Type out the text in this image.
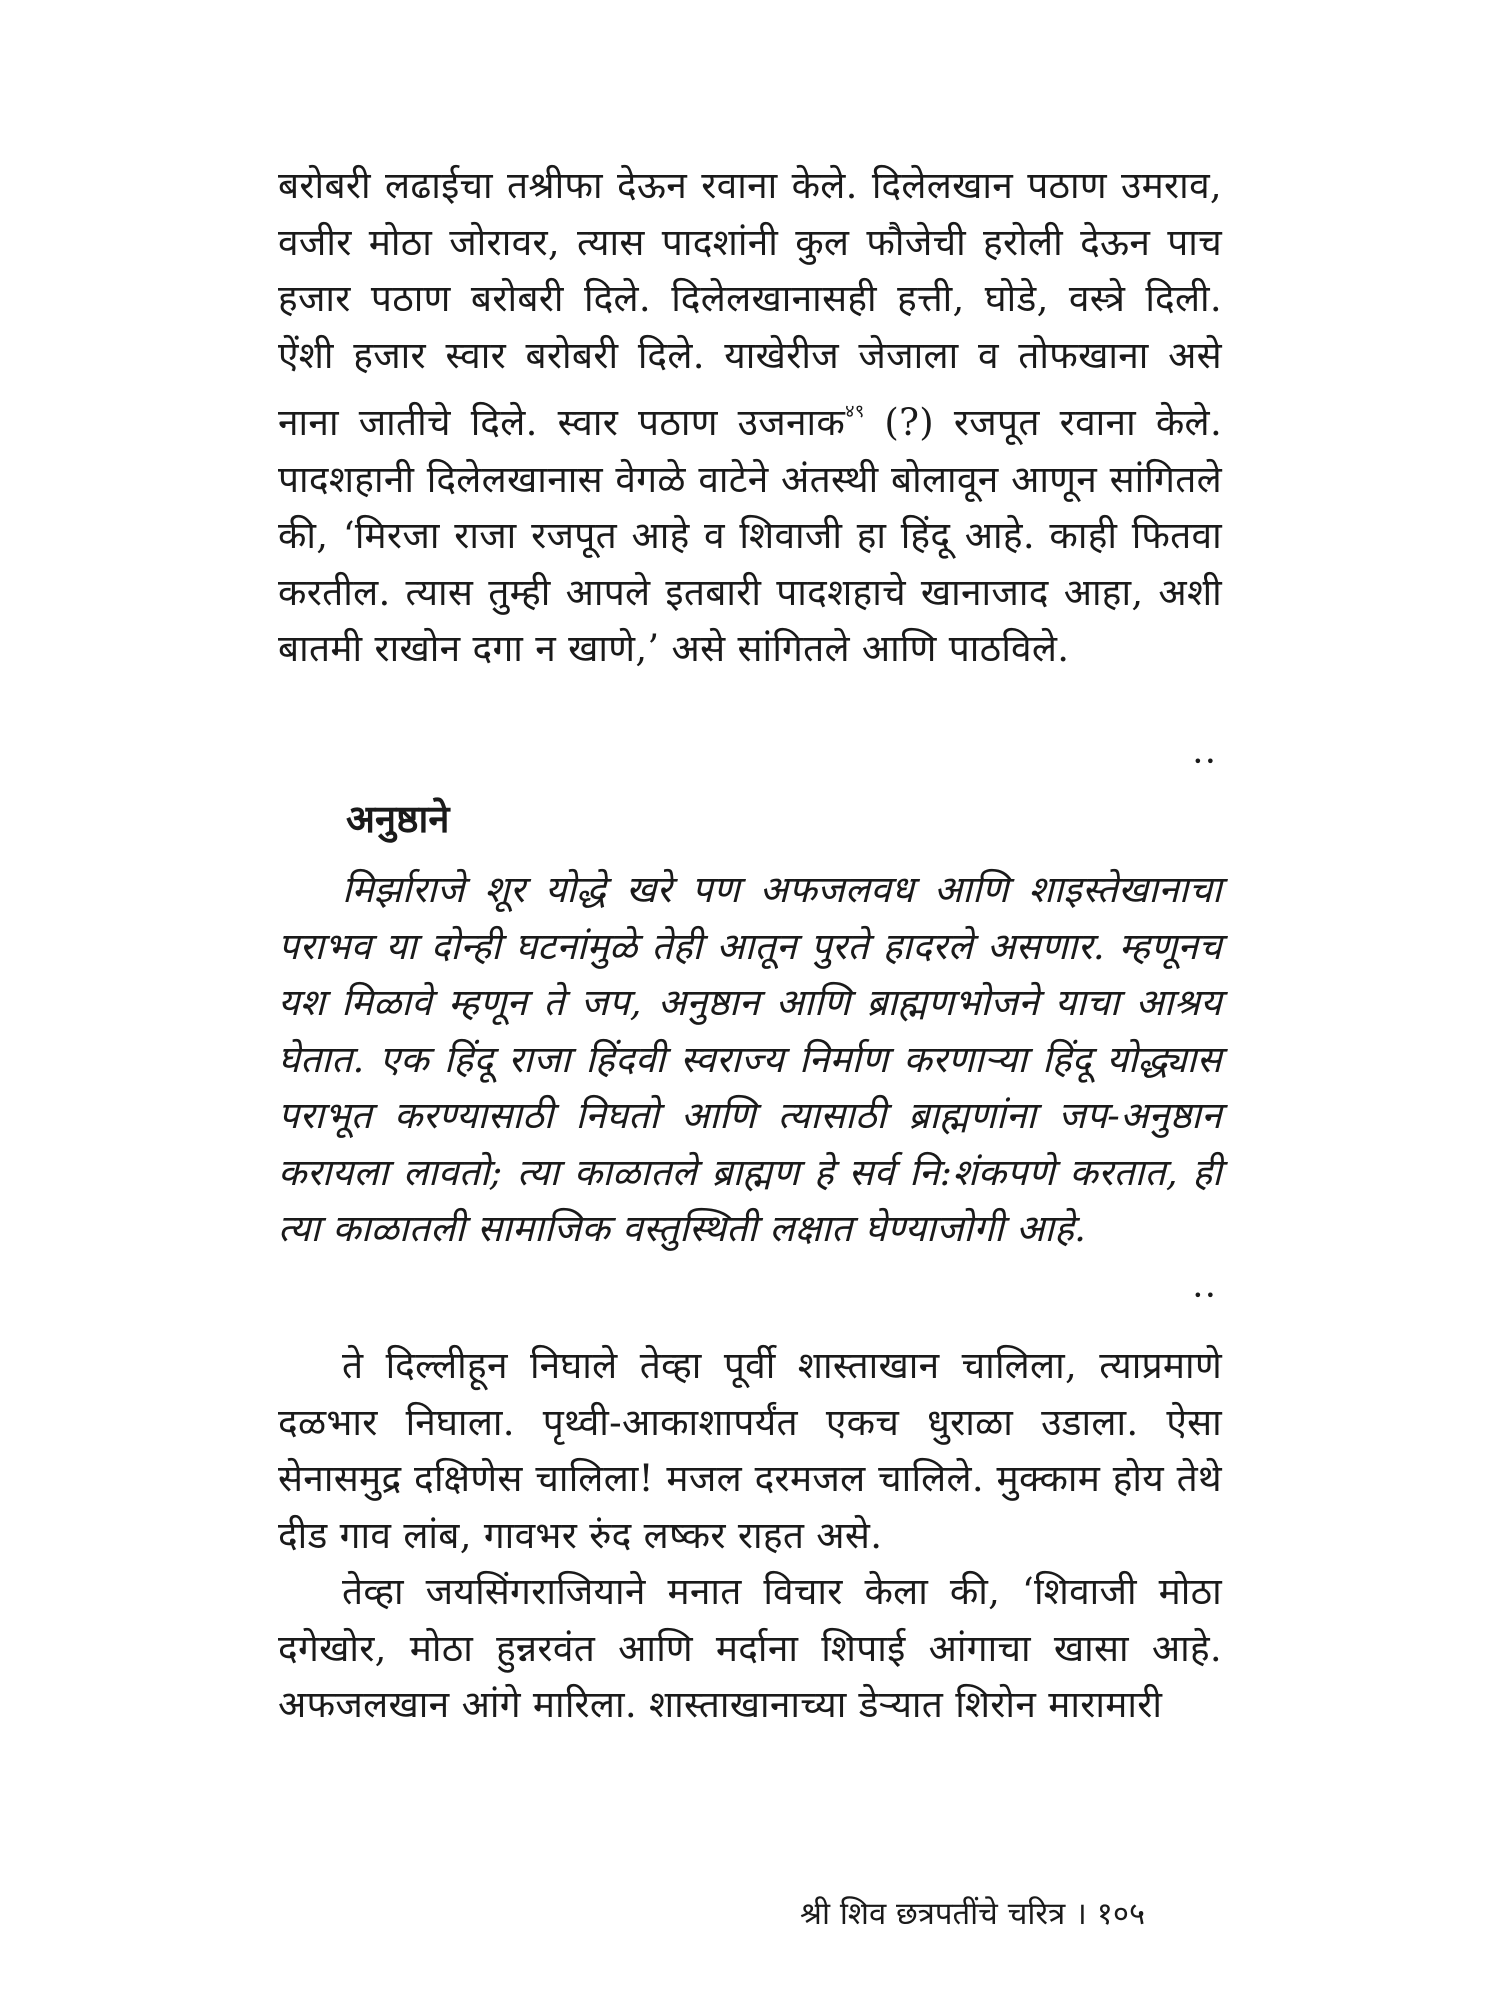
बरोबरी लढाईचा तश्रीफा देऊन रवाना केले. दिलेलखान पठाण उमराव, वजीर मोठा जोरावर, त्यास पादशांनी कुल फौजेची हरोली देऊन पाच हजार पठाण बरोबरी दिले. दिलेलखानासही हत्ती, घोडे, वस्त्रे दिली. ऐंशी हजार स्वार बरोबरी दिले. याखेरीज जेजाला व तोफखाना असे नाना जातीचे दिले. स्वार पठाण उजनाक$^{४९}$ (?) रजपूत रवाना केले. पादशहानी दिलेलखानास वेगळे वाटेने अंतस्थी बोलावून आणून सांगितले की, ‘मिरजा राजा रजपूत आहे व शिवाजी हा हिंदू आहे. काही फितवा करतील. त्यास तुम्ही आपले इतबारी पादशहाचे खानाजाद आहा, अशी बातमी राखोन दगा न खाणे,’ असे सांगितले आणि पाठविले.

••
अनुष्ठाने

मिर्झाराजे शूर योद्धे खरे पण अफजलवध आणि शाइस्तेखानाचा पराभव या दोन्ही घटनांमुळे तेही आतून पुरते हादरले असणार. म्हणूनच यश मिळावे म्हणून ते जप, अनुष्ठान आणि ब्राह्मणभोजने याचा आश्रय घेतात. एक हिंदू राजा हिंदवी स्वराज्य निर्माण करणाऱ्या हिंदू योद्ध्यास पराभूत करण्यासाठी निघतो आणि त्यासाठी ब्राह्मणांना जप-अनुष्ठान करायला लावतो; त्या काळातले ब्राह्मण हे सर्व नि:शंकपणे करतात, ही त्या काळातली सामाजिक वस्तुस्थिती लक्षात घेण्याजोगी आहे.

••

ते दिल्लीहून निघाले तेव्हा पूर्वी शास्ताखान चालिला, त्याप्रमाणे दळभार निघाला. पृथ्वी-आकाशापर्यंत एकच धुराळा उडाला. ऐसा सेनासमुद्र दक्षिणेस चालिला! मजल दरमजल चालिले. मुक्काम होय तेथे दीड गाव लांब, गावभर रुंद लष्कर राहत असे.

तेव्हा जयसिंगराजियाने मनात विचार केला की, ‘शिवाजी मोठा दगेखोर, मोठा हुन्नरवंत आणि मर्दाना शिपाई आंगाचा खासा आहे. अफजलखान आंगे मारिला. शास्ताखानाच्या डेऱ्यात शिरोन मारामारी

श्री शिव छत्रपतींचे चरित्र । १०५
